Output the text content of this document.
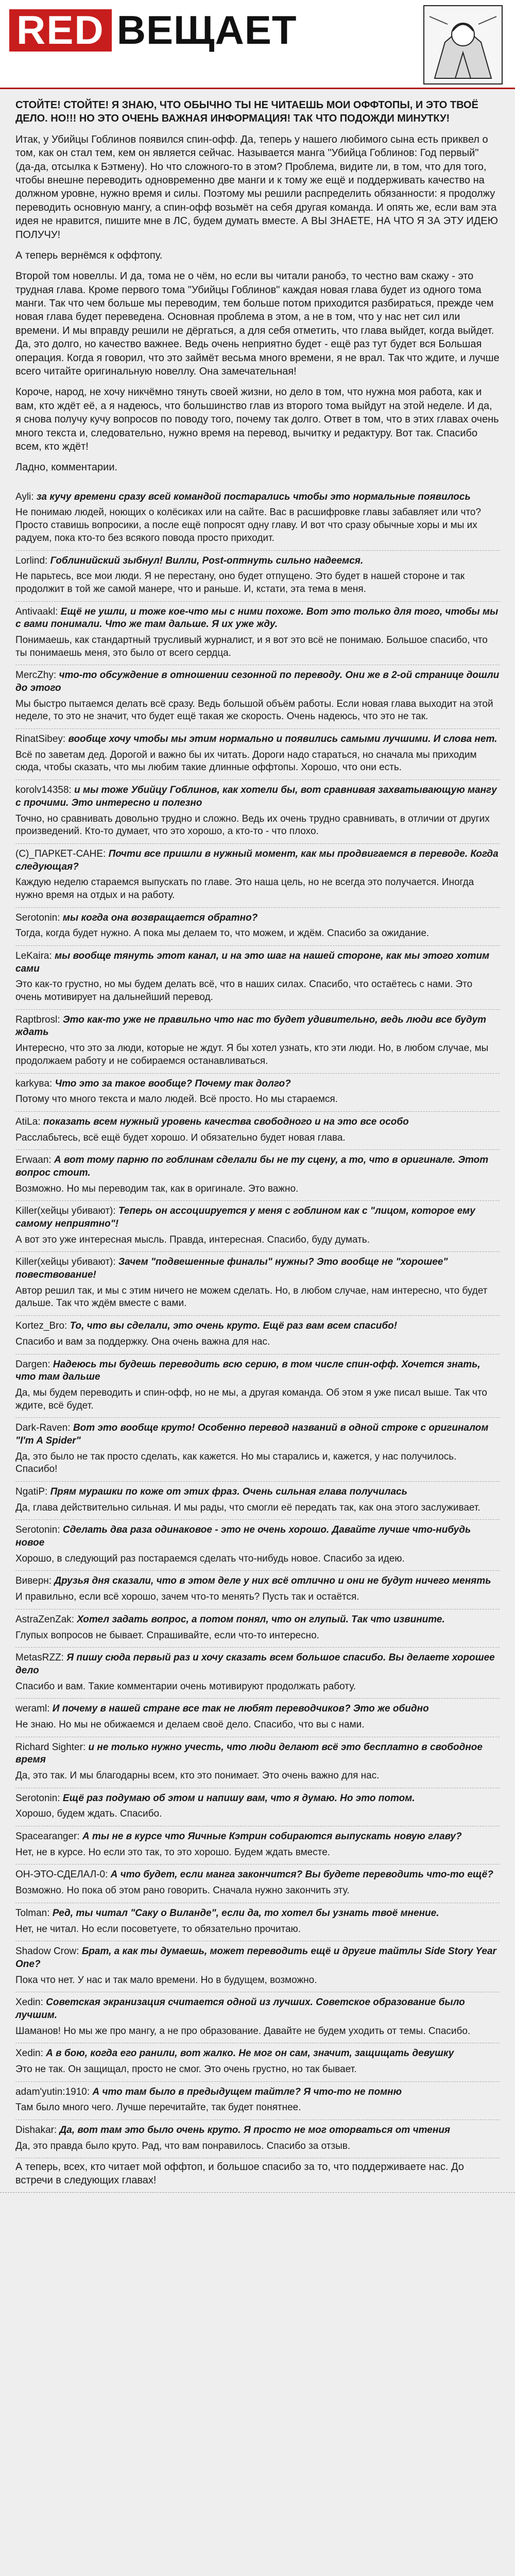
RED ВЕЩАЕТ

СТОЙТЕ! СТОЙТЕ! Я ЗНАЮ, ЧТО ОБЫЧНО ТЫ НЕ ЧИТАЕШЬ МОИ ОФФТОПЫ, И ЭТО ТВОЁ ДЕЛО. НО!!! НО ЭТО ОЧЕНЬ ВАЖНАЯ ИНФОРМАЦИЯ! ТАК ЧТО ПОДОЖДИ МИНУТКУ!

Итак, у Убийцы Гоблинов появился спин-офф. Да, теперь у нашего любимого сына есть приквел о том, как он стал тем, кем он является сейчас. Называется манга "Убийца Гоблинов: Год первый" (да-да, отсылка к Бэтмену). Но что сложного-то в этом? Проблема, видите ли, в том, что для того, чтобы внешне переводить одновременно две манги и к тому же ещё и поддерживать качество на должном уровне, нужно время и силы. Поэтому мы решили распределить обязанности: я продолжу переводить основную мангу, а спин-офф возьмёт на себя другая команда. И опять же, если вам эта идея не нравится, пишите мне в ЛС, будем думать вместе. А ВЫ ЗНАЕТЕ, НА ЧТО Я ЗА ЭТУ ИДЕЮ ПОЛУЧУ!

А теперь вернёмся к оффтопу.

Второй том новеллы. И да, тома не о чём, но если вы читали ранобэ, то честно вам скажу - это трудная глава. Кроме первого тома "Убийцы Гоблинов" каждая новая глава будет из одного тома манги. Так что чем больше мы переводим, тем больше потом приходится разбираться, прежде чем новая глава будет переведена. Основная проблема в этом, а не в том, что у нас нет сил или времени. И мы вправду решили не дёргаться, а для себя отметить, что глава выйдет, когда выйдет. Да, это долго, но качество важнее. Ведь очень неприятно будет - ещё раз тут будет вся Большая операция. Когда я говорил, что это займёт весьма много времени, я не врал. Так что ждите, и лучше всего читайте оригинальную новеллу. Она замечательная!

Короче, народ, не хочу никчёмно тянуть своей жизни, но дело в том, что нужна моя работа, как и вам, кто ждёт её, а я надеюсь, что большинство глав из второго тома выйдут на этой неделе. И да, я снова получу кучу вопросов по поводу того, почему так долго. Ответ в том, что в этих главах очень много текста и, следовательно, нужно время на перевод, вычитку и редактуру. Вот так. Спасибо всем, кто ждёт!

Ладно, комментарии.

Ayli: за кучу времени сразу всей командой постарались чтобы это нормальные появилось

Не понимаю людей, ноющих о колёсиках или на сайте. Вас в расшифровке главы забавляет или что? Просто ставишь вопросики, а после ещё попросят одну главу. И вот что сразу обычные хоры и мы их радуем, пока кто-то без всякого повода просто приходит.

Lorlind: Гоблинийский зыбнул! Вилли, Post-оптнуть сильно надеемся.

Не парьтесь, все мои люди. Я не перестану, оно будет отпущено. Это будет в нашей стороне и так продолжит в той же самой манере, что и раньше. И, кстати, эта тема в меня.

Antivaakl: Ещё не ушли, и тоже кое-что мы с ними похоже. Вот это только для того, чтобы мы с вами понимали. Что же там дальше. Я их уже жду.

Понимаешь, как стандартный трусливый журналист, и я вот это всё не понимаю. Большое спасибо, что ты понимаешь меня, это было от всего сердца.

MercZhy: что-то обсуждение в отношении сезонной по переводу. Они же в 2-ой странице дошли до этого

Мы быстро пытаемся делать всё сразу. Ведь большой объём работы. Если новая глава выходит на этой неделе, то это не значит, что будет ещё такая же скорость. Очень надеюсь, что это не так.

RinatSibey: вообще хочу чтобы мы этим нормально и появились самыми лучшими. И слова нет.

Всё по заветам дед. Дорогой и важно бы их читать. Дороги надо стараться, но сначала мы приходим сюда, чтобы сказать, что мы любим такие длинные оффтопы. Хорошо, что они есть.

korolv14358: и мы тоже Убийцу Гоблинов, как хотели бы, вот сравнивая захватывающую мангу с прочими. Это интересно и полезно

Точно, но сравнивать довольно трудно и сложно. Ведь их очень трудно сравнивать, в отличии от других произведений. Кто-то думает, что это хорошо, а кто-то - что плохо.

(С)_ПАРКЕТ-САНЕ: Почти все пришли в нужный момент, как мы продвигаемся в переводе. Когда следующая?

Каждую неделю стараемся выпускать по главе. Это наша цель, но не всегда это получается. Иногда нужно время на отдых и на работу.

Serotonin: мы когда она возвращается обратно?

Тогда, когда будет нужно. А пока мы делаем то, что можем, и ждём. Спасибо за ожидание.

LeKaira: мы вообще тянуть этот канал, и на это шаг на нашей стороне, как мы этого хотим сами

Это как-то грустно, но мы будем делать всё, что в наших силах. Спасибо, что остаётесь с нами. Это очень мотивирует на дальнейший перевод.

Raptbrosl: Это как-то уже не правильно что нас то будет удивительно, ведь люди все будут ждать

Интересно, что это за люди, которые не ждут. Я бы хотел узнать, кто эти люди. Но, в любом случае, мы продолжаем работу и не собираемся останавливаться.

karkyвa: Что это за такое вообще? Почему так долго?

Потому что много текста и мало людей. Всё просто. Но мы стараемся.

AtiLa: показать всем нужный уровень качества свободного и на это все особо

Расслабьтесь, всё ещё будет хорошо. И обязательно будет новая глава.

Erwaan: А вот тому парню по гоблинам сделали бы не ту сцену, а то, что в оригинале. Этот вопрос стоит.

Возможно. Но мы переводим так, как в оригинале. Это важно.

Killer(хейцы убивают): Теперь он ассоциируется у меня с гоблином как с "лицом, которое ему самому неприятно"!

А вот это уже интересная мысль. Правда, интересная. Спасибо, буду думать.

Killer(хейцы убивают): Зачем "подвешенные финалы" нужны? Это вообще не "хорошее" повествование!

Автор решил так, и мы с этим ничего не можем сделать. Но, в любом случае, нам интересно, что будет дальше. Так что ждём вместе с вами.

Kortez_Bro: То, что вы сделали, это очень круто. Ещё раз вам всем спасибо!

Спасибо и вам за поддержку. Она очень важна для нас.

Dargen: Надеюсь ты будешь переводить всю серию, в том числе спин-офф. Хочется знать, что там дальше

Да, мы будем переводить и спин-офф, но не мы, а другая команда. Об этом я уже писал выше. Так что ждите, всё будет.

Dark-Raven: Вот это вообще круто! Особенно перевод названий в одной строке с оригиналом "I'm A Spider"

Да, это было не так просто сделать, как кажется. Но мы старались и, кажется, у нас получилось. Спасибо!

NgatiP: Прям мурашки по коже от этих фраз. Очень сильная глава получилась

Да, глава действительно сильная. И мы рады, что смогли её передать так, как она этого заслуживает.

Serotonin: Сделать два раза одинаковое - это не очень хорошо. Давайте лучше что-нибудь новое

Хорошо, в следующий раз постараемся сделать что-нибудь новое. Спасибо за идею.

Виверн: Друзья дня сказали, что в этом деле у них всё отлично и они не будут ничего менять

И правильно, если всё хорошо, зачем что-то менять? Пусть так и остаётся.

AstraZenZak: Хотел задать вопрос, а потом понял, что он глупый. Так что извините.

Глупых вопросов не бывает. Спрашивайте, если что-то интересно.

MetasRZZ: Я пишу сюда первый раз и хочу сказать всем большое спасибо. Вы делаете хорошее дело

Спасибо и вам. Такие комментарии очень мотивируют продолжать работу.

weraml: И почему в нашей стране все так не любят переводчиков? Это же обидно

Не знаю. Но мы не обижаемся и делаем своё дело. Спасибо, что вы с нами.

Richard Sighter: и не только нужно учесть, что люди делают всё это бесплатно в свободное время

Да, это так. И мы благодарны всем, кто это понимает. Это очень важно для нас.

Serotonin: Ещё раз подумаю об этом и напишу вам, что я думаю. Но это потом.

Хорошо, будем ждать. Спасибо.

Spacearanger: А ты не в курсе что Яичные Кэтрин собираются выпускать новую главу?

Нет, не в курсе. Но если это так, то это хорошо. Будем ждать вместе.

ОН-ЭТО-СДЕЛАЛ-0: А что будет, если манга закончится? Вы будете переводить что-то ещё?

Возможно. Но пока об этом рано говорить. Сначала нужно закончить эту.

Tolman: Ред, ты читал "Cаку о Виланде", если да, то хотел бы узнать твоё мнение.

Нет, не читал. Но если посоветуете, то обязательно прочитаю.

Shadow Crow: Брат, а как ты думаешь, может переводить ещё и другие тайтлы Side Story Year One?

Пока что нет. У нас и так мало времени. Но в будущем, возможно.

Xedin: Советская экранизация считается одной из лучших. Советское образование было лучшим.

Шаманов! Но мы же про мангу, а не про образование. Давайте не будем уходить от темы. Спасибо.

Xedin: А в бою, когда его ранили, вот жалко. Не мог он сам, значит, защищать девушку

Это не так. Он защищал, просто не смог. Это очень грустно, но так бывает.

adam'yutin:1910: А что там было в предыдущем тайтле? Я что-то не помню

Там было много чего. Лучше перечитайте, так будет понятнее.

Dishakar: Да, вот там это было очень круто. Я просто не мог оторваться от чтения

Да, это правда было круто. Рад, что вам понравилось. Спасибо за отзыв.

А теперь, всех, кто читает мой оффтоп, и большое спасибо за то, что поддерживаете нас. До встречи в следующих главах!
